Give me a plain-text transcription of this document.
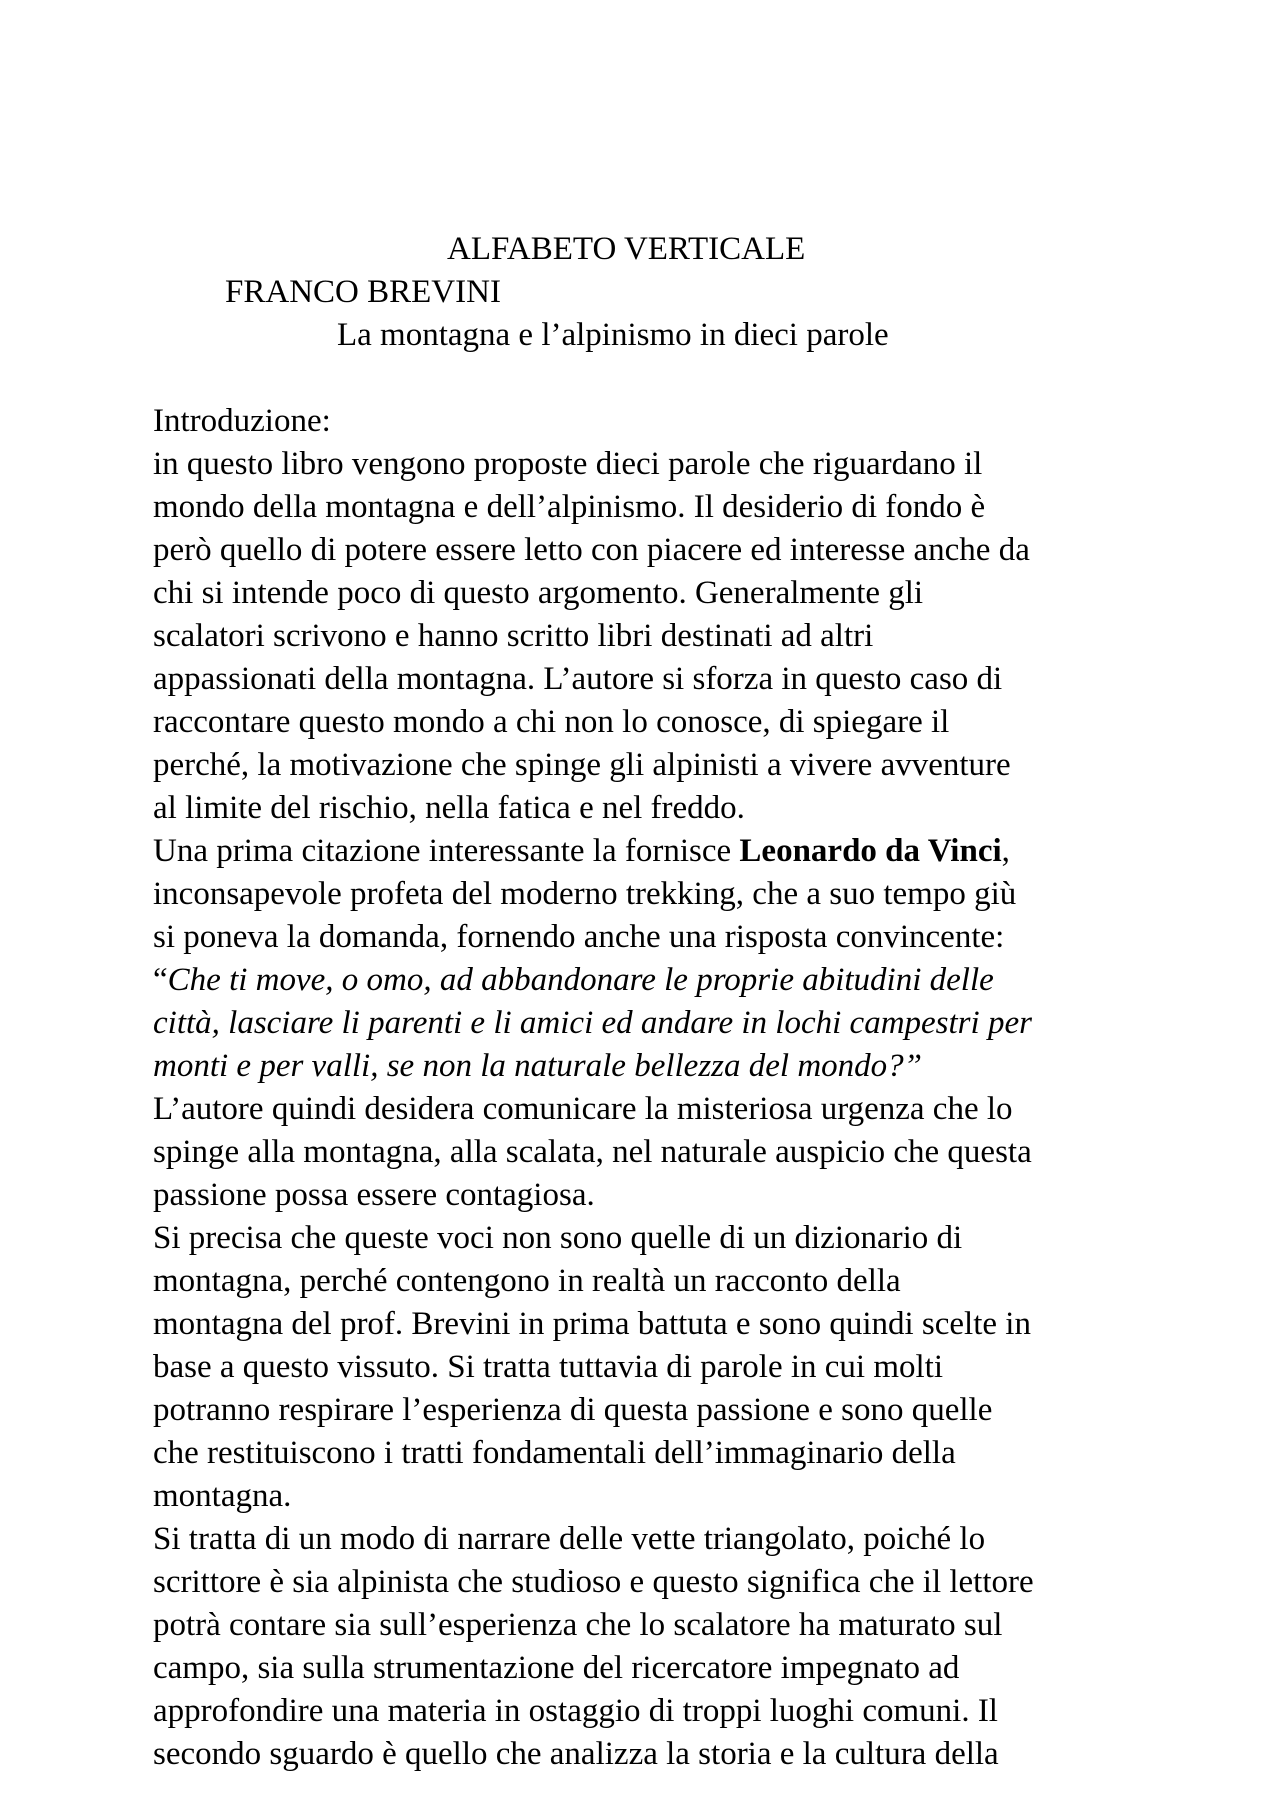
ALFABETO VERTICALE
FRANCO BREVINI
La montagna e l’alpinismo in dieci parole
Introduzione:
in questo libro vengono proposte dieci parole che riguardano il
mondo della montagna e dell’alpinismo. Il desiderio di fondo è
però quello di potere essere letto con piacere ed interesse anche da
chi si intende poco di questo argomento. Generalmente gli
scalatori scrivono e hanno scritto libri destinati ad altri
appassionati della montagna. L’autore si sforza in questo caso di
raccontare questo mondo a chi non lo conosce, di spiegare il
perché, la motivazione che spinge gli alpinisti a vivere avventure
al limite del rischio, nella fatica e nel freddo.
Una prima citazione interessante la fornisce Leonardo da Vinci,
inconsapevole profeta del moderno trekking, che a suo tempo giù
si poneva la domanda, fornendo anche una risposta convincente:
“Che ti move, o omo, ad abbandonare le proprie abitudini delle
città, lasciare li parenti e li amici ed andare in lochi campestri per
monti e per valli, se non la naturale bellezza del mondo?”
L’autore quindi desidera comunicare la misteriosa urgenza che lo
spinge alla montagna, alla scalata, nel naturale auspicio che questa
passione possa essere contagiosa.
Si precisa che queste voci non sono quelle di un dizionario di
montagna, perché contengono in realtà un racconto della
montagna del prof. Brevini in prima battuta e sono quindi scelte in
base a questo vissuto. Si tratta tuttavia di parole in cui molti
potranno respirare l’esperienza di questa passione e sono quelle
che restituiscono i tratti fondamentali dell’immaginario della
montagna.
Si tratta di un modo di narrare delle vette triangolato, poiché lo
scrittore è sia alpinista che studioso e questo significa che il lettore
potrà contare sia sull’esperienza che lo scalatore ha maturato sul
campo, sia sulla strumentazione del ricercatore impegnato ad
approfondire una materia in ostaggio di troppi luoghi comuni. Il
secondo sguardo è quello che analizza la storia e la cultura della
